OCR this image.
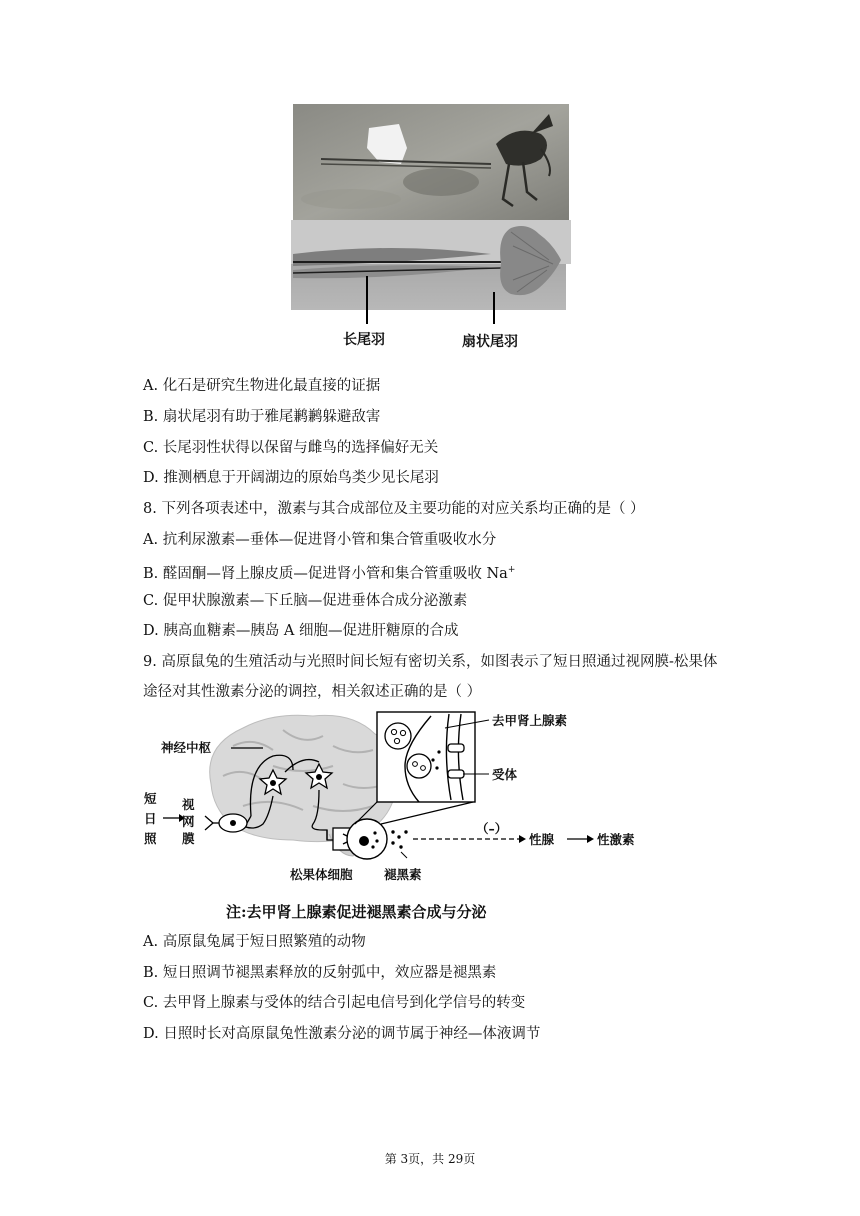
长尾羽	扇状尾羽
A. 化石是研究生物进化最直接的证据
B. 扇状尾羽有助于雅尾鹣鹣躲避敌害
C. 长尾羽性状得以保留与雌鸟的选择偏好无关
D. 推测栖息于开阔湖边的原始鸟类少见长尾羽
8. 下列各项表述中，激素与其合成部位及主要功能的对应关系均正确的是（ ）
A. 抗利尿激素—垂体—促进肾小管和集合管重吸收水分
B. 醛固酮—肾上腺皮质—促进肾小管和集合管重吸收 Na+
C. 促甲状腺激素—下丘脑—促进垂体合成分泌激素
D. 胰高血糖素—胰岛 A 细胞—促进肝糖原的合成
9. 高原鼠兔的生殖活动与光照时间长短有密切关系，如图表示了短日照通过视网膜-松果体
途径对其性激素分泌的调控，相关叙述正确的是（ ）
神经中枢
短
日
照
视
网
膜
去甲肾上腺素
受体
（–）
性腺	性激素
松果体细胞	褪黑素
注:去甲肾上腺素促进褪黑素合成与分泌
A. 高原鼠兔属于短日照繁殖的动物
B. 短日照调节褪黑素释放的反射弧中，效应器是褪黑素
C. 去甲肾上腺素与受体的结合引起电信号到化学信号的转变
D. 日照时长对高原鼠兔性激素分泌的调节属于神经—体液调节
第 3页，共 29页
